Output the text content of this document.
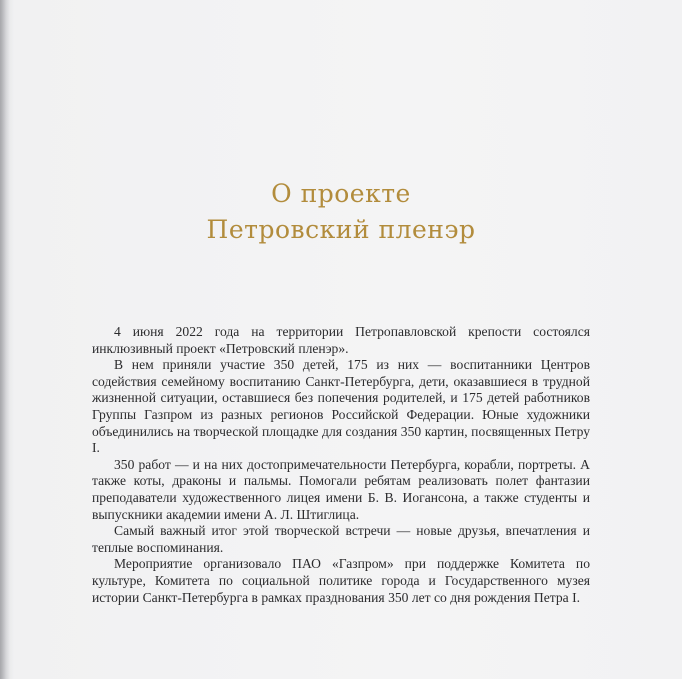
О проекте
Петровский пленэр

4 июня 2022 года на территории Петропавловской крепости состоялся инклюзивный проект «Петровский пленэр».

В нем приняли участие 350 детей, 175 из них — воспитанники Центров содействия семейному воспитанию Санкт-Петербурга, дети, оказавшиеся в трудной жизненной ситуации, оставшиеся без попечения родителей, и 175 детей работников Группы Газпром из разных регионов Российской Федерации. Юные художники объединились на творческой площадке для создания 350 картин, посвященных Петру I.

350 работ — и на них достопримечательности Петербурга, корабли, портреты. А также коты, драконы и пальмы. Помогали ребятам реализовать полет фантазии преподаватели художественного лицея имени Б. В. Иогансона, а также студенты и выпускники академии имени А. Л. Штиглица.

Самый важный итог этой творческой встречи — новые друзья, впечатления и теплые воспоминания.

Мероприятие организовало ПАО «Газпром» при поддержке Комитета по культуре, Комитета по социальной политике города и Государственного музея истории Санкт-Петербурга в рамках празднования 350 лет со дня рождения Петра I.
